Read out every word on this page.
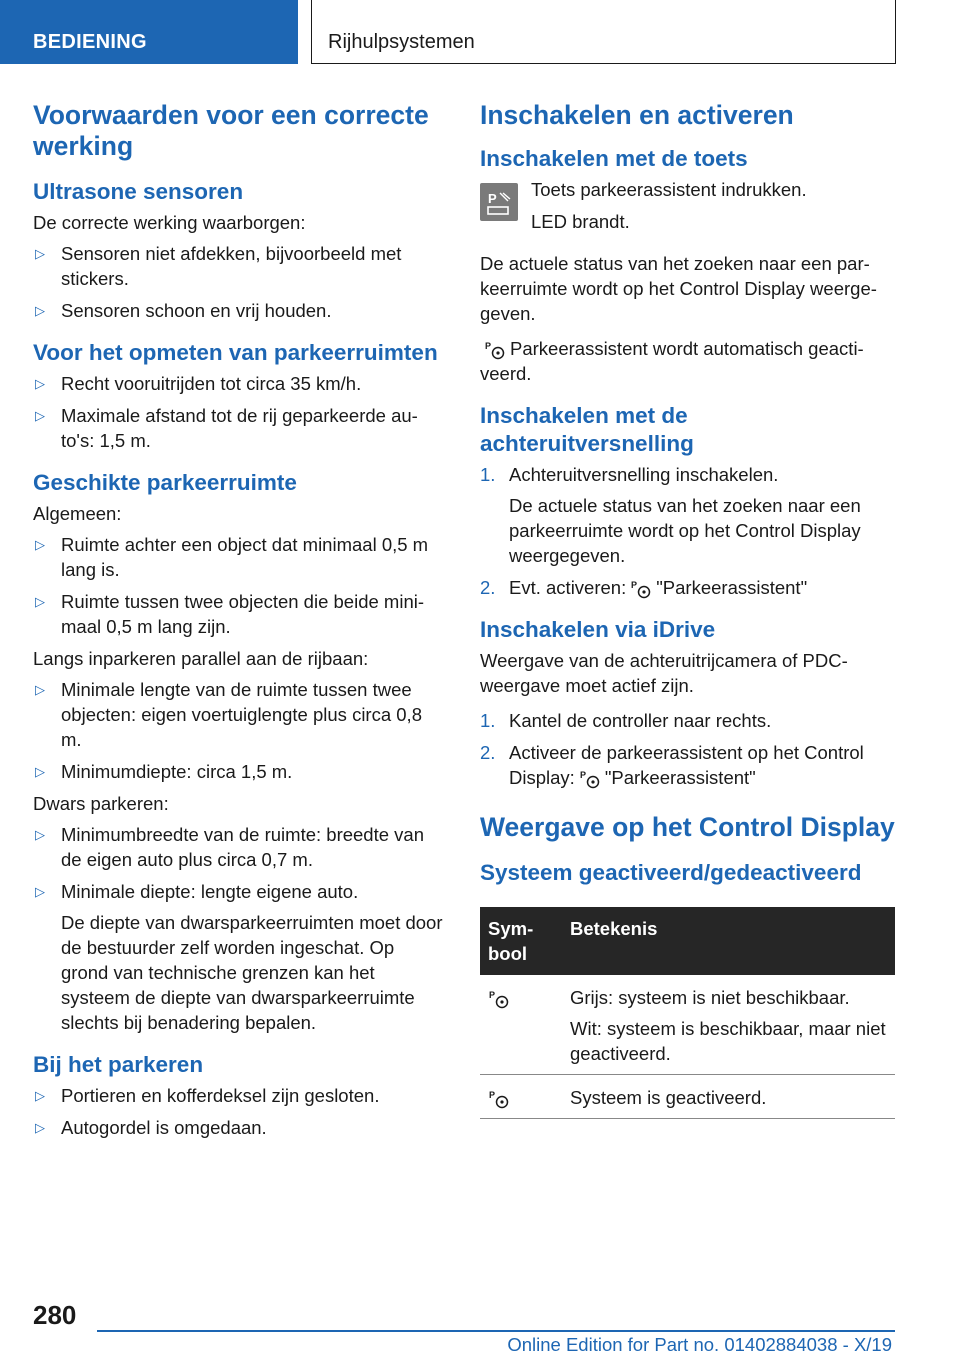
BEDIENING	Rijhulpsystemen
Voorwaarden voor een correcte werking
Ultrasone sensoren
De correcte werking waarborgen:
▷ Sensoren niet afdekken, bijvoorbeeld met stickers.
▷ Sensoren schoon en vrij houden.
Voor het opmeten van parkeerruimten
▷ Recht vooruitrijden tot circa 35 km/h.
▷ Maximale afstand tot de rij geparkeerde au‐to's: 1,5 m.
Geschikte parkeerruimte
Algemeen:
▷ Ruimte achter een object dat minimaal 0,5 m lang is.
▷ Ruimte tussen twee objecten die beide mini‐maal 0,5 m lang zijn.
Langs inparkeren parallel aan de rijbaan:
▷ Minimale lengte van de ruimte tussen twee objecten: eigen voertuiglengte plus circa 0,8 m.
▷ Minimumdiepte: circa 1,5 m.
Dwars parkeren:
▷ Minimumbreedte van de ruimte: breedte van de eigen auto plus circa 0,7 m.
▷ Minimale diepte: lengte eigene auto.
De diepte van dwarsparkeerruimten moet door de bestuurder zelf worden ingeschat. Op grond van technische grenzen kan het systeem de diepte van dwarsparkeerruimte slechts bij benadering bepalen.
Bij het parkeren
▷ Portieren en kofferdeksel zijn gesloten.
▷ Autogordel is omgedaan.
Inschakelen en activeren
Inschakelen met de toets
P Toets parkeerassistent indrukken.
LED brandt.
De actuele status van het zoeken naar een par‐keerruimte wordt op het Control Display weerge‐geven.
P Parkeerassistent wordt automatisch geacti‐veerd.
Inschakelen met de achteruitversnelling
1. Achteruitversnelling inschakelen.
De actuele status van het zoeken naar een parkeerruimte wordt op het Control Display weergegeven.
2. Evt. activeren: P "Parkeerassistent"
Inschakelen via iDrive
Weergave van de achteruitrijcamera of PDC-weergave moet actief zijn.
1. Kantel de controller naar rechts.
2. Activeer de parkeerassistent op het Control
Display: P "Parkeerassistent"
Weergave op het Control Display
Systeem geactiveerd/gedeactiveerd
Sym‐bool	Betekenis

P	Grijs: systeem is niet beschikbaar.
Wit: systeem is beschikbaar, maar niet geactiveerd.

P	Systeem is geactiveerd.
280
Online Edition for Part no. 01402884038 - X/19
